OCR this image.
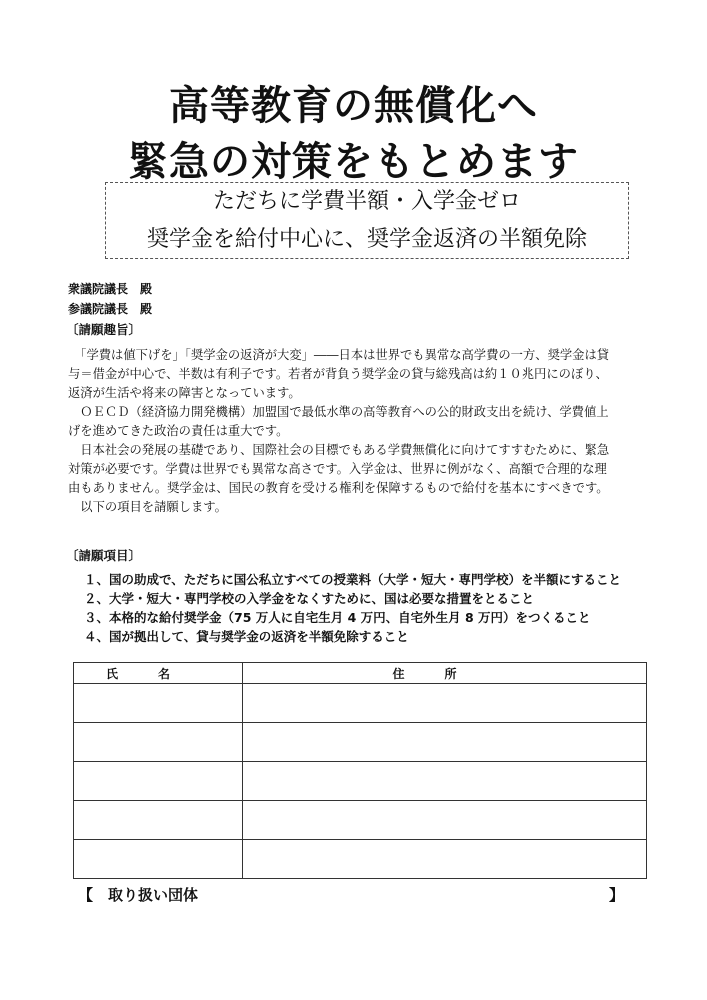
高等教育の無償化へ
緊急の対策をもとめます
ただちに学費半額・入学金ゼロ
奨学金を給付中心に、奨学金返済の半額免除
衆議院議長　殿
参議院議長　殿
〔請願趣旨〕
　「学費は値下げを」「奨学金の返済が大変」――日本は世界でも異常な高学費の一方、奨学金は貸
与＝借金が中心で、半数は有利子です。若者が背負う奨学金の貸与総残高は約１０兆円にのぼり、
返済が生活や将来の障害となっています。
　ＯＥＣＤ（経済協力開発機構）加盟国で最低水準の高等教育への公的財政支出を続け、学費値上
げを進めてきた政治の責任は重大です。
　日本社会の発展の基礎であり、国際社会の目標でもある学費無償化に向けてすすむために、緊急
対策が必要です。学費は世界でも異常な高さです。入学金は、世界に例がなく、高額で合理的な理
由もありません。奨学金は、国民の教育を受ける権利を保障するもので給付を基本にすべきです。
　以下の項目を請願します。
〔請願項目〕
１、国の助成で、ただちに国公私立すべての授業料（大学・短大・専門学校）を半額にすること
２、大学・短大・専門学校の入学金をなくすために、国は必要な措置をとること
３、本格的な給付奨学金（75 万人に自宅生月 4 万円、自宅外生月 8 万円）をつくること
４、国が拠出して、貸与奨学金の返済を半額免除すること
氏名	住所

【　取り扱い団体	】
